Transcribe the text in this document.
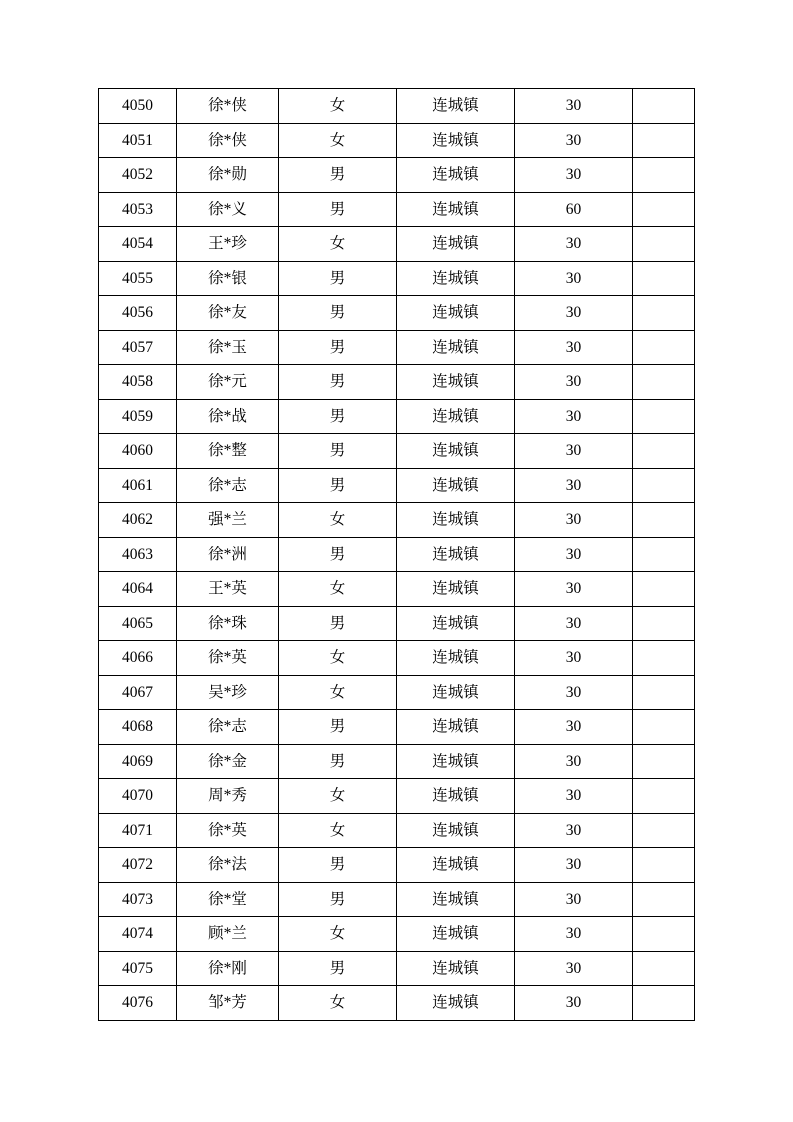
4050	徐*侠	女	连城镇	30	
4051	徐*侠	女	连城镇	30	
4052	徐*勋	男	连城镇	30	
4053	徐*义	男	连城镇	60	
4054	王*珍	女	连城镇	30	
4055	徐*银	男	连城镇	30	
4056	徐*友	男	连城镇	30	
4057	徐*玉	男	连城镇	30	
4058	徐*元	男	连城镇	30	
4059	徐*战	男	连城镇	30	
4060	徐*整	男	连城镇	30	
4061	徐*志	男	连城镇	30	
4062	强*兰	女	连城镇	30	
4063	徐*洲	男	连城镇	30	
4064	王*英	女	连城镇	30	
4065	徐*珠	男	连城镇	30	
4066	徐*英	女	连城镇	30	
4067	吴*珍	女	连城镇	30	
4068	徐*志	男	连城镇	30	
4069	徐*金	男	连城镇	30	
4070	周*秀	女	连城镇	30	
4071	徐*英	女	连城镇	30	
4072	徐*法	男	连城镇	30	
4073	徐*堂	男	连城镇	30	
4074	顾*兰	女	连城镇	30	
4075	徐*刚	男	连城镇	30	
4076	邹*芳	女	连城镇	30	
